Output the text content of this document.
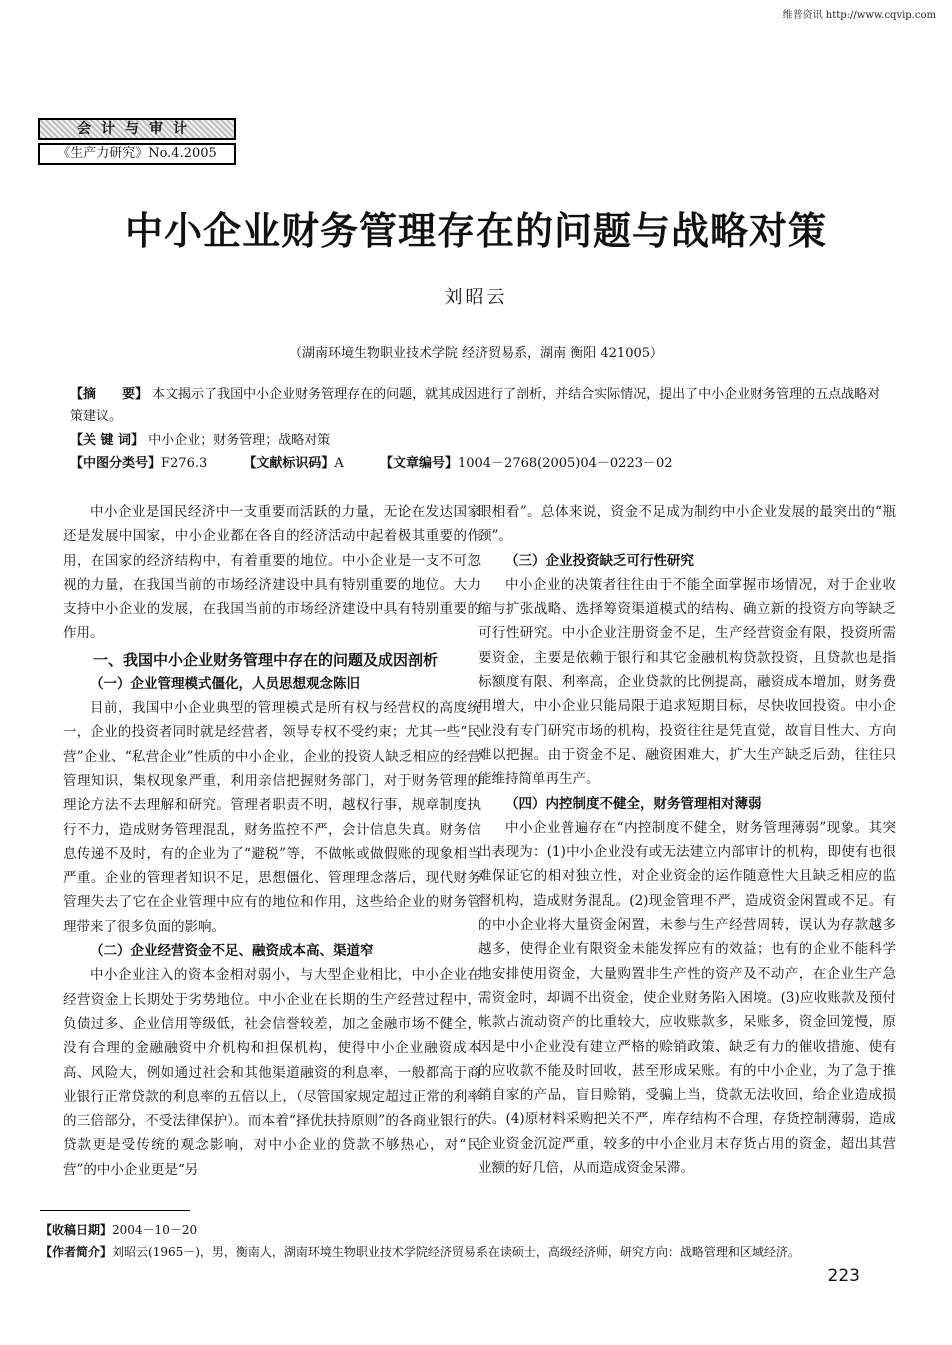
维普资讯 http://www.cqvip.com
会计与审计
《生产力研究》No.4.2005
中小企业财务管理存在的问题与战略对策
刘昭云
（湖南环境生物职业技术学院 经济贸易系，湖南 衡阳 421005）
【摘　　要】 本文揭示了我国中小企业财务管理存在的问题，就其成因进行了剖析，并结合实际情况，提出了中小企业财务管理的五点战略对策建议。
【关 键 词】 中小企业；财务管理；战略对策
【中图分类号】F276.3	【文献标识码】A	【文章编号】1004－2768(2005)04－0223－02

中小企业是国民经济中一支重要而活跃的力量，无论在发达国家还是发展中国家，中小企业都在各自的经济活动中起着极其重要的作用，在国家的经济结构中，有着重要的地位。中小企业是一支不可忽视的力量，在我国当前的市场经济建设中具有特别重要的地位。大力支持中小企业的发展，在我国当前的市场经济建设中具有特别重要的作用。

一、我国中小企业财务管理中存在的问题及成因剖析
（一）企业管理模式僵化，人员思想观念陈旧

目前，我国中小企业典型的管理模式是所有权与经营权的高度统一，企业的投资者同时就是经营者，领导专权不受约束；尤其一些“民营”企业、“私营企业”性质的中小企业，企业的投资人缺乏相应的经营管理知识，集权现象严重，利用亲信把握财务部门，对于财务管理的理论方法不去理解和研究。管理者职责不明，越权行事，规章制度执行不力，造成财务管理混乱，财务监控不严，会计信息失真。财务信息传递不及时，有的企业为了“避税”等，不做帐或做假账的现象相当严重。企业的管理者知识不足，思想僵化、管理理念落后，现代财务管理失去了它在企业管理中应有的地位和作用，这些给企业的财务管理带来了很多负面的影响。

（二）企业经营资金不足、融资成本高、渠道窄

中小企业注入的资本金相对弱小，与大型企业相比，中小企业在经营资金上长期处于劣势地位。中小企业在长期的生产经营过程中，负债过多、企业信用等级低，社会信誉较差，加之金融市场不健全，没有合理的金融融资中介机构和担保机构，使得中小企业融资成本高、风险大，例如通过社会和其他渠道融资的利息率，一般都高于商业银行正常贷款的利息率的五倍以上，（尽管国家规定超过正常的利率的三倍部分，不受法律保护）。而本着“择优扶持原则”的各商业银行的贷款更是受传统的观念影响，对中小企业的贷款不够热心，对“民营”的中小企业更是“另

眼相看”。总体来说，资金不足成为制约中小企业发展的最突出的“瓶颈”。

（三）企业投资缺乏可行性研究

中小企业的决策者往往由于不能全面掌握市场情况，对于企业收缩与扩张战略、选择筹资渠道模式的结构、确立新的投资方向等缺乏可行性研究。中小企业注册资金不足，生产经营资金有限，投资所需要资金，主要是依赖于银行和其它金融机构贷款投资，且贷款也是指标额度有限、利率高，企业贷款的比例提高，融资成本增加，财务费用增大，中小企业只能局限于追求短期目标，尽快收回投资。中小企业没有专门研究市场的机构，投资往往是凭直觉，故盲目性大、方向难以把握。由于资金不足、融资困难大，扩大生产缺乏后劲，往往只能维持简单再生产。

（四）内控制度不健全，财务管理相对薄弱

中小企业普遍存在“内控制度不健全，财务管理薄弱”现象。其突出表现为：(1)中小企业没有或无法建立内部审计的机构，即使有也很难保证它的相对独立性，对企业资金的运作随意性大且缺乏相应的监督机构，造成财务混乱。(2)现金管理不严，造成资金闲置或不足。有的中小企业将大量资金闲置，未参与生产经营周转，误认为存款越多越多，使得企业有限资金未能发挥应有的效益；也有的企业不能科学地安排使用资金，大量购置非生产性的资产及不动产，在企业生产急需资金时，却调不出资金，使企业财务陷入困境。(3)应收账款及预付帐款占流动资产的比重较大，应收账款多，呆账多，资金回笼慢，原因是中小企业没有建立严格的赊销政策、缺乏有力的催收措施、使有的应收款不能及时回收，甚至形成呆账。有的中小企业，为了急于推销自家的产品，盲目赊销，受骗上当，贷款无法收回，给企业造成损失。(4)原材料采购把关不严，库存结构不合理，存货控制薄弱，造成企业资金沉淀严重，较多的中小企业月末存货占用的资金，超出其营业额的好几倍，从而造成资金呆滞。

【收稿日期】2004－10－20
【作者简介】刘昭云(1965－)，男，衡南人，湖南环境生物职业技术学院经济贸易系在读硕士，高级经济师，研究方向：战略管理和区域经济。
223
